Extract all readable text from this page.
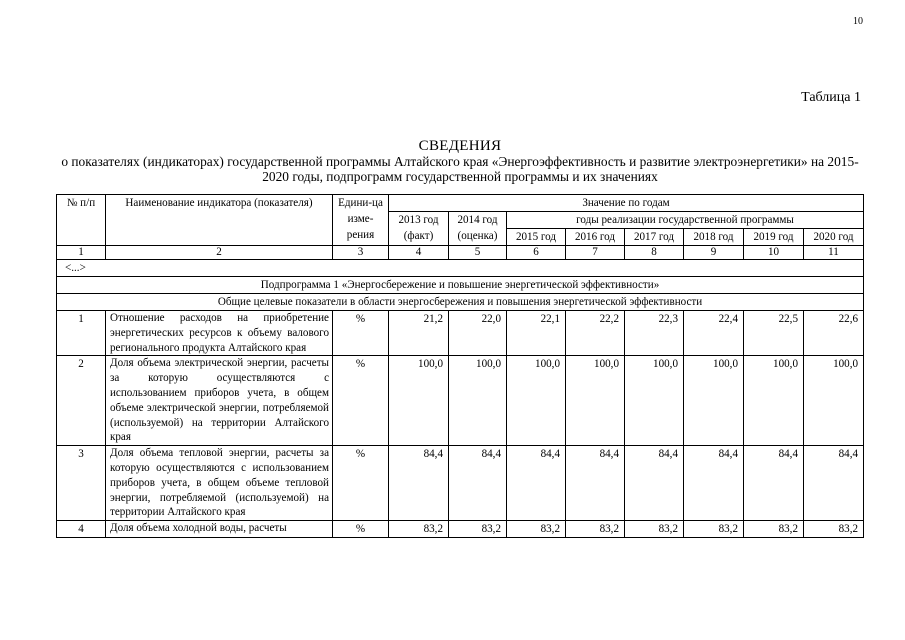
10
Таблица 1
СВЕДЕНИЯ
о показателях (индикаторах) государственной программы Алтайского края «Энергоэффективность и развитие электроэнергетики» на 2015-2020 годы, подпрограмм государственной программы и их значениях
№ п/п	Наименование индикатора (показателя)	Едини-ца изме-рения	Значение по годам							
			2013 год (факт)	2014 год (оценка)	годы реализации государственной программы					
					2015 год	2016 год	2017 год	2018 год	2019 год	2020 год
1	2	3	4	5	6	7	8	9	10	11
<...>										
Подпрограмма 1 «Энергосбережение и повышение энергетической эффективности»										
Общие целевые показатели в области энергосбережения и повышения энергетической эффективности										
1	Отношение расходов на приобретение энергетических ресурсов к объему валового регионального продукта Алтайского края	%	21,2	22,0	22,1	22,2	22,3	22,4	22,5	22,6
2	Доля объема электрической энергии, расчеты за которую осуществляются с использованием приборов учета, в общем объеме электрической энергии, потребляемой (используемой) на территории Алтайского края	%	100,0	100,0	100,0	100,0	100,0	100,0	100,0	100,0
3	Доля объема тепловой энергии, расчеты за которую осуществляются с использованием приборов учета, в общем объеме тепловой энергии, потребляемой (используемой) на территории Алтайского края	%	84,4	84,4	84,4	84,4	84,4	84,4	84,4	84,4
4	Доля объема холодной воды, расчеты	%	83,2	83,2	83,2	83,2	83,2	83,2	83,2	83,2
